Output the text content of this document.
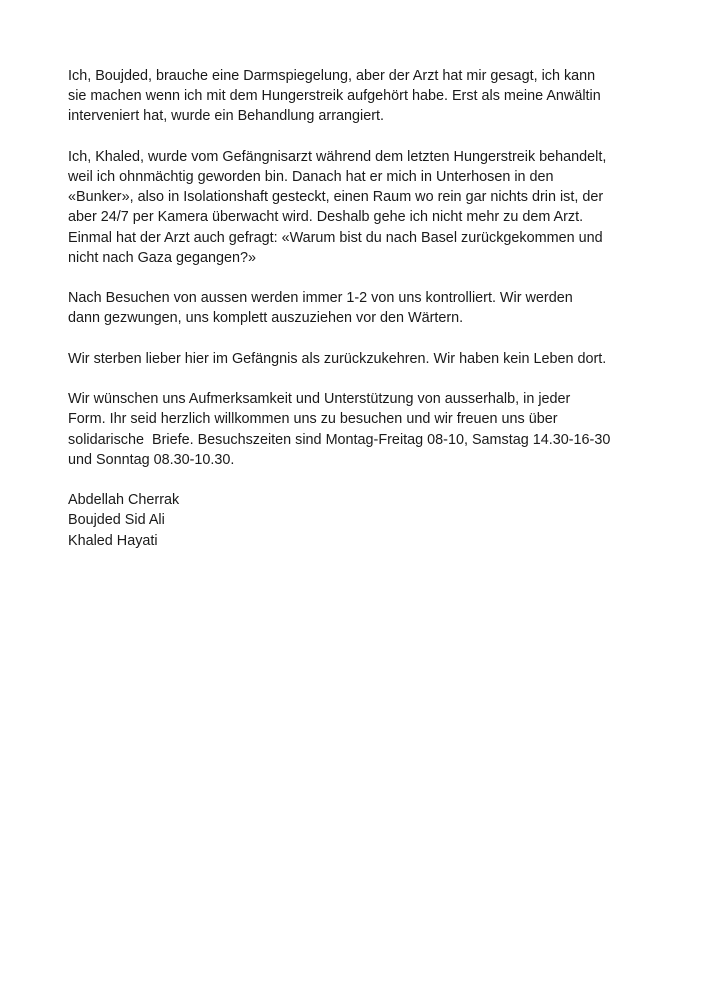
Ich, Boujded, brauche eine Darmspiegelung, aber der Arzt hat mir gesagt, ich kann
sie machen wenn ich mit dem Hungerstreik aufgehört habe. Erst als meine Anwältin
interveniert hat, wurde ein Behandlung arrangiert.

Ich, Khaled, wurde vom Gefängnisarzt während dem letzten Hungerstreik behandelt,
weil ich ohnmächtig geworden bin. Danach hat er mich in Unterhosen in den
«Bunker», also in Isolationshaft gesteckt, einen Raum wo rein gar nichts drin ist, der
aber 24/7 per Kamera überwacht wird. Deshalb gehe ich nicht mehr zu dem Arzt.
Einmal hat der Arzt auch gefragt: «Warum bist du nach Basel zurückgekommen und
nicht nach Gaza gegangen?»

Nach Besuchen von aussen werden immer 1-2 von uns kontrolliert. Wir werden
dann gezwungen, uns komplett auszuziehen vor den Wärtern.

Wir sterben lieber hier im Gefängnis als zurückzukehren. Wir haben kein Leben dort.

Wir wünschen uns Aufmerksamkeit und Unterstützung von ausserhalb, in jeder
Form. Ihr seid herzlich willkommen uns zu besuchen und wir freuen uns über
solidarische  Briefe. Besuchszeiten sind Montag-Freitag 08-10, Samstag 14.30-16-30
und Sonntag 08.30-10.30.

Abdellah Cherrak
Boujded Sid Ali
Khaled Hayati
